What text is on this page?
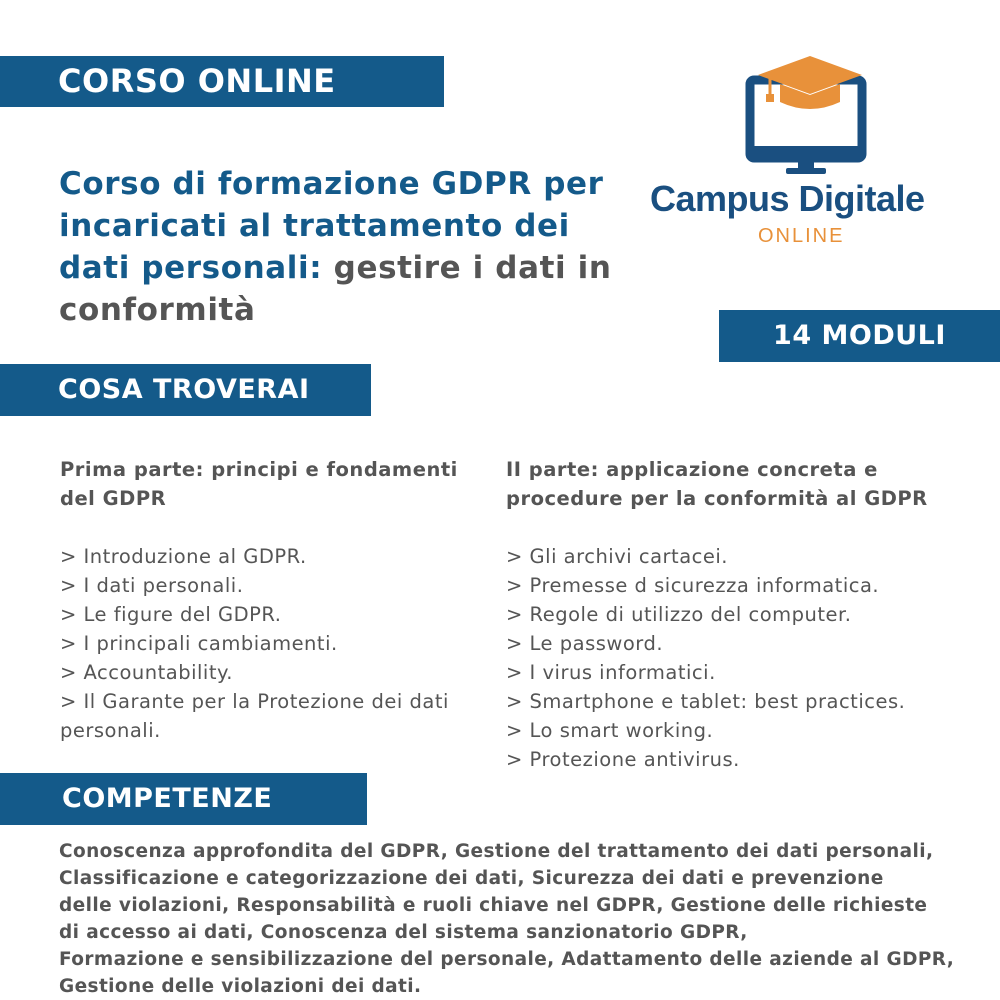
CORSO ONLINE
Corso di formazione GDPR per incaricati al trattamento dei dati personali: gestire i dati in conformità
Campus Digitale
ONLINE
14 MODULI
COSA TROVERAI
Prima parte: principi e fondamenti del GDPR
> Introduzione al GDPR.
> I dati personali.
> Le figure del GDPR.
> I principali cambiamenti.
> Accountability.
> Il Garante per la Protezione dei dati personali.
II parte: applicazione concreta e procedure per la conformità al GDPR
> Gli archivi cartacei.
> Premesse d sicurezza informatica.
> Regole di utilizzo del computer.
> Le password.
> I virus informatici.
> Smartphone e tablet: best practices.
> Lo smart working.
> Protezione antivirus.
COMPETENZE
Conoscenza approfondita del GDPR, Gestione del trattamento dei dati personali,
Classificazione e categorizzazione dei dati, Sicurezza dei dati e prevenzione
delle violazioni, Responsabilità e ruoli chiave nel GDPR, Gestione delle richieste
di accesso ai dati, Conoscenza del sistema sanzionatorio GDPR,
Formazione e sensibilizzazione del personale, Adattamento delle aziende al GDPR,
Gestione delle violazioni dei dati.
